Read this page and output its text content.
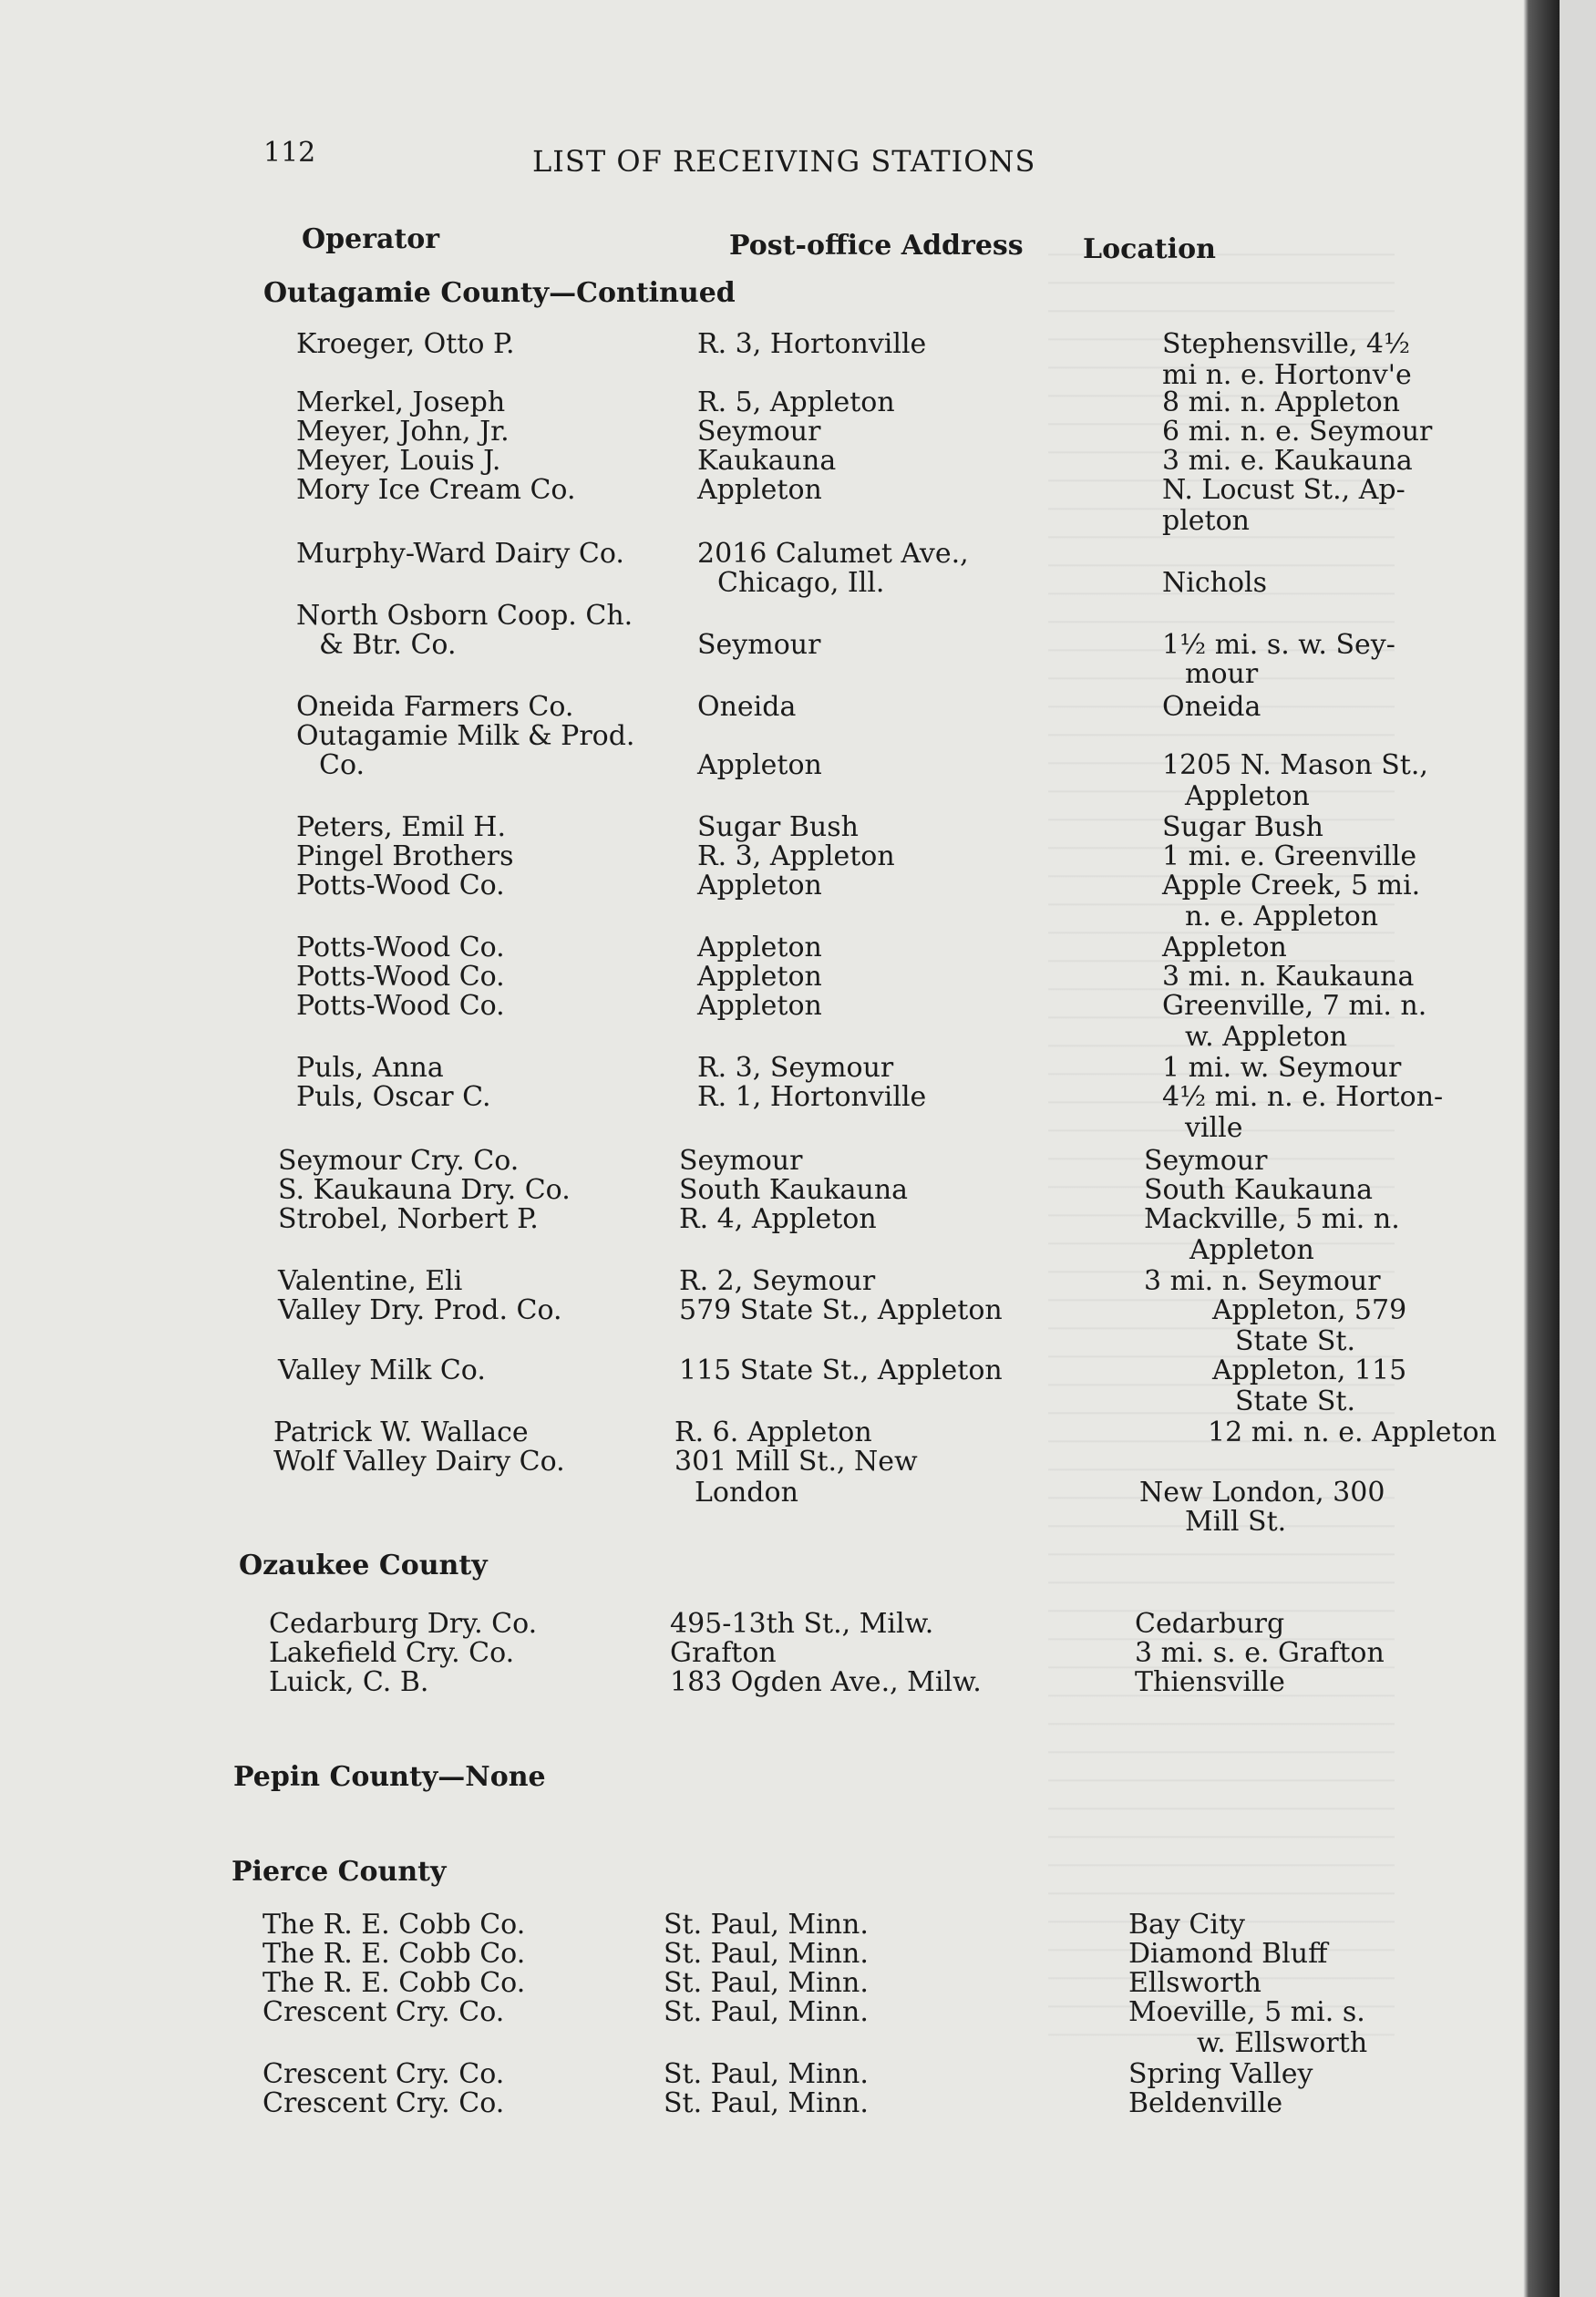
112	LIST OF RECEIVING STATIONS
Operator	Post-office Address Location
Outagamie County—Continued
Kroeger, Otto P.	R. 3, Hortonville	Stephensville, 4½
mi n. e. Hortonv'e
Merkel, Joseph	R. 5, Appleton	8 mi. n. Appleton
Meyer, John, Jr.	Seymour	6 mi. n. e. Seymour
Meyer, Louis J.	Kaukauna	3 mi. e. Kaukauna
Mory Ice Cream Co.	Appleton	N. Locust St., Ap-
pleton
Murphy-Ward Dairy Co.	2016 Calumet Ave.,
Chicago, Ill.	Nichols
North Osborn Coop. Ch.
& Btr. Co.	Seymour	1½ mi. s. w. Sey-
mour
Oneida Farmers Co.	Oneida	Oneida
Outagamie Milk & Prod.
Co.	Appleton	1205 N. Mason St.,
Appleton
Peters, Emil H.	Sugar Bush	Sugar Bush
Pingel Brothers	R. 3, Appleton	1 mi. e. Greenville
Potts-Wood Co.	Appleton	Apple Creek, 5 mi.
n. e. Appleton
Potts-Wood Co.	Appleton	Appleton
Potts-Wood Co.	Appleton	3 mi. n. Kaukauna
Potts-Wood Co.	Appleton	Greenville, 7 mi. n.
w. Appleton
Puls, Anna	R. 3, Seymour	1 mi. w. Seymour
Puls, Oscar C.	R. 1, Hortonville	4½ mi. n. e. Horton-
ville
Seymour Cry. Co.	Seymour	Seymour
S. Kaukauna Dry. Co.	South Kaukauna	South Kaukauna
Strobel, Norbert P.	R. 4, Appleton	Mackville, 5 mi. n.
Appleton
Valentine, Eli	R. 2, Seymour	3 mi. n. Seymour
Valley Dry. Prod. Co.	579 State St., Appleton	Appleton, 579
State St.
Valley Milk Co.	115 State St., Appleton	Appleton, 115
State St.
Patrick W. Wallace	R. 6. Appleton	12 mi. n. e. Appleton
Wolf Valley Dairy Co.	301 Mill St., New
London	New London, 300
Mill St.
Ozaukee County
Cedarburg Dry. Co.	495-13th St., Milw.	Cedarburg
Lakefield Cry. Co.	Grafton	3 mi. s. e. Grafton
Luick, C. B.	183 Ogden Ave., Milw.	Thiensville
Pepin County—None
Pierce County
The R. E. Cobb Co.	St. Paul, Minn.	Bay City
The R. E. Cobb Co.	St. Paul, Minn.	Diamond Bluff
The R. E. Cobb Co.	St. Paul, Minn.	Ellsworth
Crescent Cry. Co.	St. Paul, Minn.	Moeville, 5 mi. s.
w. Ellsworth
Crescent Cry. Co.	St. Paul, Minn.	Spring Valley
Crescent Cry. Co.	St. Paul, Minn.	Beldenville
